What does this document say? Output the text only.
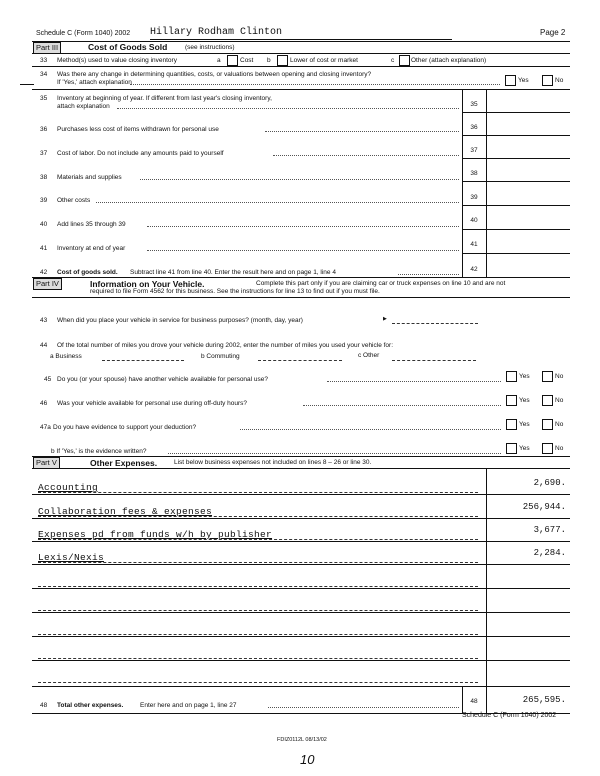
Schedule C (Form 1040) 2002 Hillary Rodham Clinton	Page 2
Part III	Cost of Goods Sold	(see instructions)
33 Method(s) used to value closing inventory	a	Cost b	Lower of cost or market	c	Other (attach explanation)
34 Was there any change in determining quantities, costs, or valuations between opening and closing inventory?
If 'Yes,' attach explanation	Yes	No
35 Inventory at beginning of year. If different from last year's closing inventory,
attach explanation	35
36 Purchases less cost of items withdrawn for personal use	36
37 Cost of labor. Do not include any amounts paid to yourself	37
38 Materials and supplies
38
39 Other costs	39
40 Add lines 35 through 39
40
41 Inventory at end of year
41
42 Cost of goods sold. Subtract line 41 from line 40. Enter the result here and on page 1, line 4	42
Part IV	Information on Your Vehicle.	Complete this part only if you are claiming car or truck expenses on line 10 and are not
required to file Form 4562 for this business. See the instructions for line 13 to find out if you must file.
43 When did you place your vehicle in service for business purposes? (month, day, year)	▶
44 Of the total number of miles you drove your vehicle during 2002, enter the number of miles you used your vehicle for:
a Business	b Commuting	c Other
45 Do you (or your spouse) have another vehicle available for personal use?	Yes	No
46 Was your vehicle available for personal use during off-duty hours?	Yes	No
47a Do you have evidence to support your deduction?	Yes	No
b If 'Yes,' is the evidence written?	Yes	No
Part V	Other Expenses.	List below business expenses not included on lines 8 – 26 or line 30.
Accounting	2,690.
Collaboration fees & expenses	256,944.
Expenses pd from funds w/h by publisher	3,677.
Lexis/Nexis	2,284.
48 Total other expenses.	Enter here and on page 1, line 27
48	265,595.
Schedule C (Form 1040) 2002
FDIZ0112L 08/13/02
10
